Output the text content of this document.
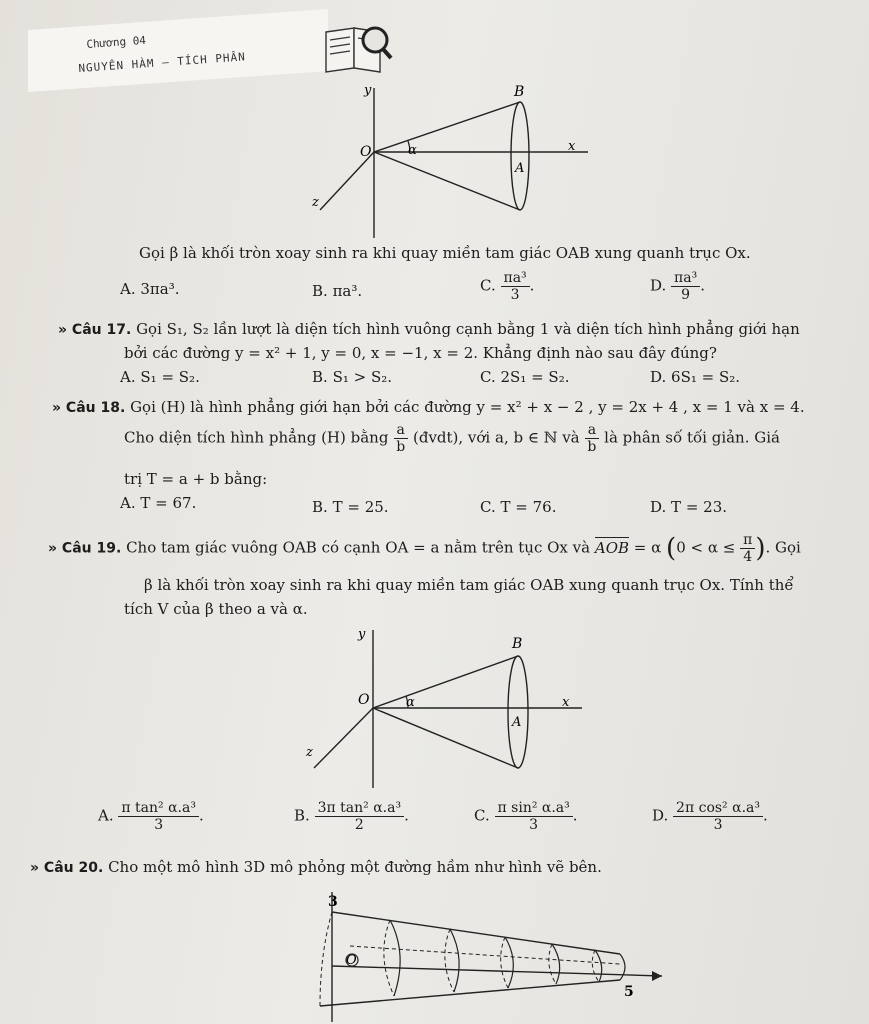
Chương 04
NGUYÊN HÀM – TÍCH PHÂN
y	B
O	α	x
A
z
Gọi β là khối tròn xoay sinh ra khi quay miền tam giác OAB xung quanh trục Ox.
A. 3πa³.	B. πa³.	C. $\frac{\text{πa³}}{3}$ .	D. $\frac{\text{πa³}}{9}$ .
» Câu 17. Gọi S₁, S₂ lần lượt là diện tích hình vuông cạnh bằng 1 và diện tích hình phẳng giới hạn
bởi các đường y = x² + 1, y = 0, x = −1, x = 2. Khẳng định nào sau đây đúng?
A. S₁ = S₂.	B. S₁ > S₂.	C. 2S₁ = S₂.	D. 6S₁ = S₂.
» Câu 18. Gọi (H) là hình phẳng giới hạn bởi các đường y = x² + x − 2 , y = 2x + 4 , x = 1 và x = 4.
Cho diện tích hình phẳng (H) bằng $\frac{a}{b}$ (đvdt), với a, b ∈ ℕ và $\frac{a}{b}$ là phân số tối giản. Giá
trị T = a + b bằng:
A. T = 67.	B. T = 25.	C. T = 76.	D. T = 23.
» Câu 19. Cho tam giác vuông OAB có cạnh OA = a nằm trên tục Ox và AOB = α ($0 < \alpha \le \frac{\pi}{4}$ ). Gọi
β là khối tròn xoay sinh ra khi quay miền tam giác OAB xung quanh trục Ox. Tính thể
tích V của β theo a và α.
y
B
O	α	x
A
z
A. $\frac{\text{π tan² α.a³}}{3}$ .	B. $\frac{\text{3π tan² α.a³}}{2}$ .	C. $\frac{\text{π sin² α.a³}}{3}$ .	D. $\frac{\text{2π cos² α.a³}}{3}$ .
» Câu 20. Cho một mô hình 3D mô phỏng một đường hầm như hình vẽ bên.
3
O
5
